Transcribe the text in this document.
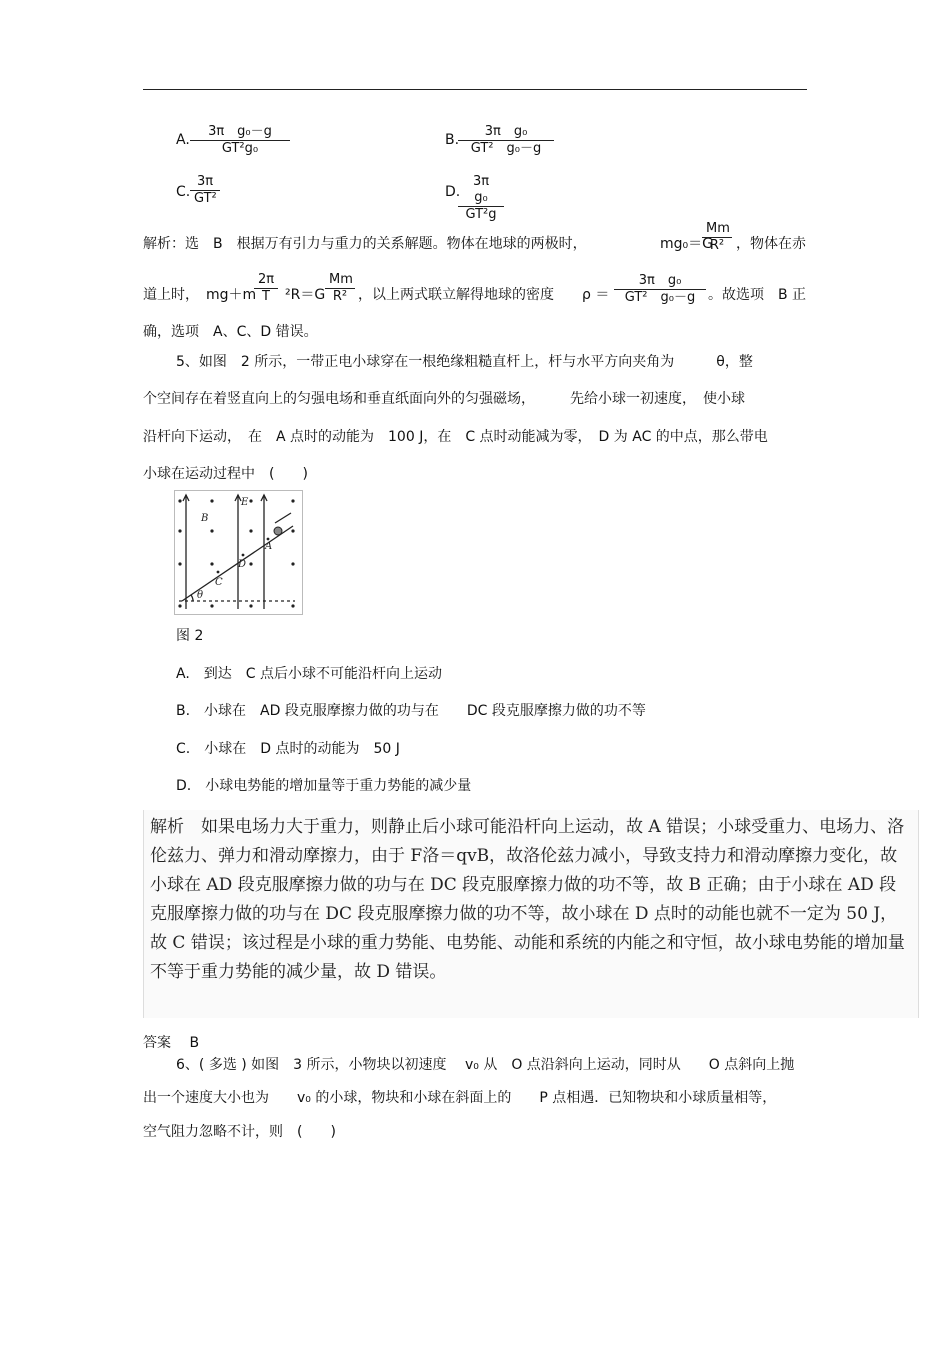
A. $\frac{\text{3π　g₀－g}}{\text{GT²g₀}}$	B.
$\frac{\text{3π　g₀}}{\text{GT²　g₀－g}}$
C. $\frac{3\pi}{\text{GT²}}$	D.
$\frac{\text{3π　g₀}}{\text{GT²g}}$
解析：选　B　根据万有引力与重力的关系解题。物体在地球的两极时，	mg₀＝G
$\frac{Mm}{\text{R²}}$ ，物体在赤
道上时，　mg＋m
$\frac{2\pi}{T} ^2R=G \frac{Mm}{\text{R²}}$ ，以上两式联立解得地球的密度 $\rho = \frac{\text{3π　g₀}}{\text{GT²　g₀－g}}$ 。故选项　B 正
确，选项　A、C、D 错误。
5、如图　2 所示，一带正电小球穿在一根绝缘粗糙直杆上，杆与水平方向夹角为　　　θ，整
个空间存在着竖直向上的匀强电场和垂直纸面向外的匀强磁场，　　　先给小球一初速度，　使小球
沿杆向下运动，　在　A 点时的动能为　100 J，在　C 点时动能减为零，　D 为 AC 的中点，那么带电
小球在运动过程中　(　　)
B
E
A
D
C
θ
图 2
A.　到达　C 点后小球不可能沿杆向上运动
B.　小球在　AD 段克服摩擦力做的功与在　　DC 段克服摩擦力做的功不等
C.　小球在　D 点时的动能为　50 J
D.　小球电势能的增加量等于重力势能的减少量
解析　如果电场力大于重力，则静止后小球可能沿杆向上运动，故 A 错误；小球受重力、电场力、洛伦兹力、弹力和滑动摩擦力，由于 F洛＝qvB，故洛伦兹力减小，导致支持力和滑动摩擦力变化，故小球在 AD 段克服摩擦力做的功与在 DC 段克服摩擦力做的功不等，故 B 正确；由于小球在 AD 段克服摩擦力做的功与在 DC 段克服摩擦力做的功不等，故小球在 D 点时的动能也就不一定为 50 J，故 C 错误；该过程是小球的重力势能、电势能、动能和系统的内能之和守恒，故小球电势能的增加量不等于重力势能的减少量，故 D 错误。
答案　 B
6、( 多选 ) 如图　3 所示，小物块以初速度　 v₀ 从　O 点沿斜向上运动，同时从　　O 点斜向上抛
出一个速度大小也为　　v₀ 的小球，物块和小球在斜面上的　　P 点相遇．已知物块和小球质量相等，
空气阻力忽略不计，则　(　　)
